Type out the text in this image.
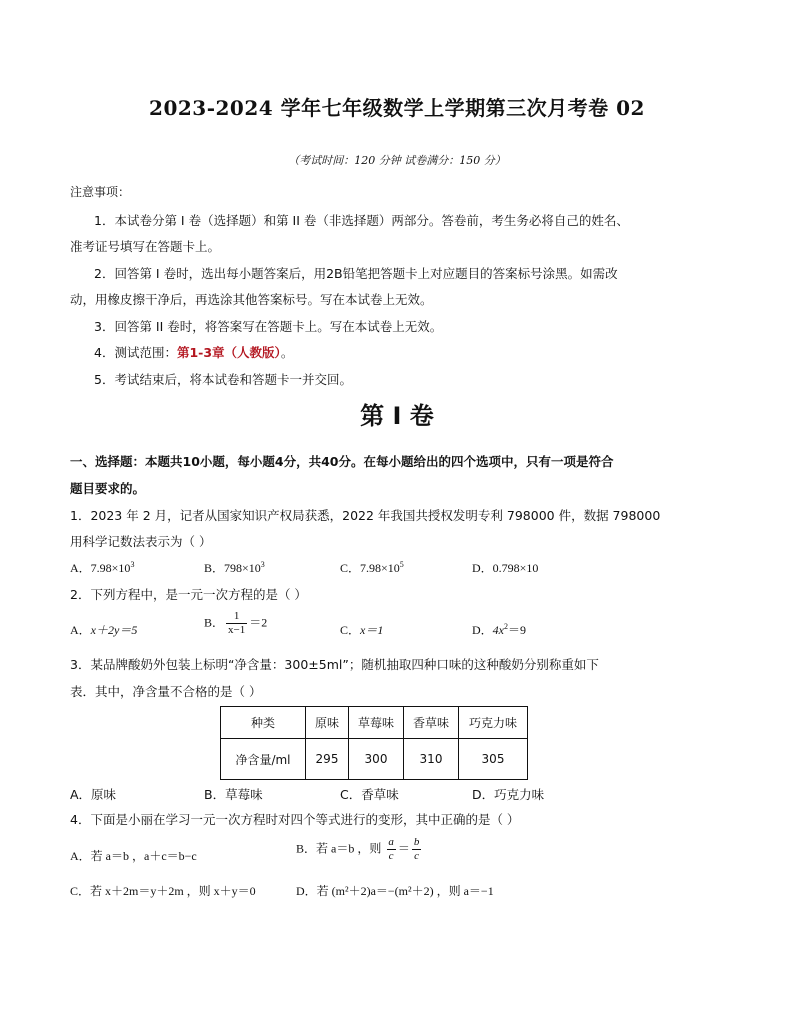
2023-2024 学年七年级数学上学期第三次月考卷 02
（考试时间：120 分钟 试卷满分：150 分）
注意事项：
1．本试卷分第 I 卷（选择题）和第 II 卷（非选择题）两部分。答卷前，考生务必将自己的姓名、
准考证号填写在答题卡上。
2．回答第 I 卷时，选出每小题答案后，用2B铅笔把答题卡上对应题目的答案标号涂黑。如需改
动，用橡皮擦干净后，再选涂其他答案标号。写在本试卷上无效。
3．回答第 II 卷时，将答案写在答题卡上。写在本试卷上无效。
4．测试范围：第1-3章（人教版）。
5．考试结束后，将本试卷和答题卡一并交回。
第 I 卷
一、选择题：本题共10小题，每小题4分，共40分。在每小题给出的四个选项中，只有一项是符合
题目要求的。
1．2023 年 2 月，记者从国家知识产权局获悉，2022 年我国共授权发明专利 798000 件，数据 798000
用科学记数法表示为（ ）
A．$7.98\times 10^3$	B．$798\times 10^3$	C．$7.98\times 10^5$	D．0.798×10
2．下列方程中，是一元一次方程的是（ ）
A．x＋2y＝5
B． $\frac{1}{x-1} =2$
C．x＝1	D．$4x^2=9$
3．某品牌酸奶外包装上标明“净含量：300±5ml”；随机抽取四种口味的这种酸奶分别称重如下
表．其中，净含量不合格的是（ ）
种类	原味	草莓味	香草味	巧克力味
净含量/ml	295	300	310	305
A．原味	B．草莓味	C．香草味	D．巧克力味
4．下面是小丽在学习一元一次方程时对四个等式进行的变形，其中正确的是（ ）
A．若 a＝b ，a＋c＝b−c
B．若 a＝b ，则 $\frac{a}{c} = \frac{b}{c}$
C．若 x＋2m＝y＋2m ，则 x＋y＝0	D．若 (m²＋2)a＝−(m²＋2) ，则 a＝−1
